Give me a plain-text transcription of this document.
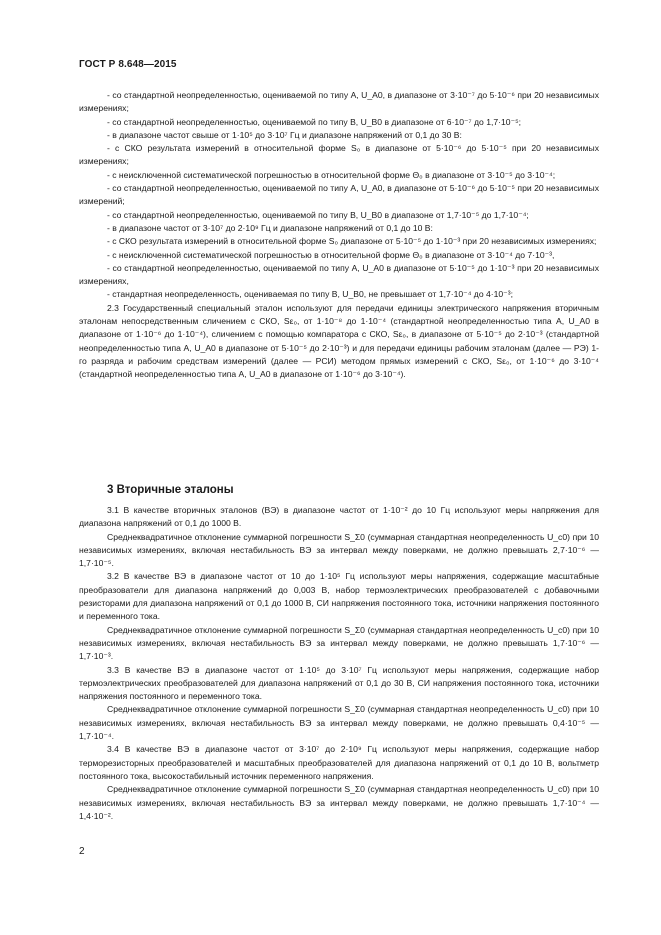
ГОСТ Р 8.648—2015

- со стандартной неопределенностью, оцениваемой по типу A, U_A0, в диапазоне от 3·10⁻⁷ до 5·10⁻⁶ при 20 независимых измерениях;

- со стандартной неопределенностью, оцениваемой по типу B, U_B0 в диапазоне от 6·10⁻⁷ до 1,7·10⁻⁵;

- в диапазоне частот свыше от 1·10⁵ до 3·10⁷ Гц и диапазоне напряжений от 0,1 до 30 В:

- с СКО результата измерений в относительной форме S₀ в диапазоне от 5·10⁻⁶ до 5·10⁻⁵ при 20 независимых измерениях;

- с неисключенной систематической погрешностью в относительной форме Θ₀ в диапазоне от 3·10⁻⁵ до 3·10⁻⁴;

- со стандартной неопределенностью, оцениваемой по типу A, U_A0, в диапазоне от 5·10⁻⁶ до 5·10⁻⁵ при 20 независимых измерений;

- со стандартной неопределенностью, оцениваемой по типу B, U_B0 в диапазоне от 1,7·10⁻⁵ до 1,7·10⁻⁴;

- в диапазоне частот от 3·10⁷ до 2·10⁹ Гц и диапазоне напряжений от 0,1 до 10 В:

- с СКО результата измерений в относительной форме S₀ диапазоне от 5·10⁻⁵ до 1·10⁻³ при 20 независимых измерениях;

- с неисключенной систематической погрешностью в относительной форме Θ₀ в диапазоне от 3·10⁻⁴ до 7·10⁻³,

- со стандартной неопределенностью, оцениваемой по типу A, U_A0 в диапазоне от 5·10⁻⁵ до 1·10⁻³ при 20 независимых измерениях,

- стандартная неопределенность, оцениваемая по типу B, U_B0, не превышает от 1,7·10⁻⁴ до 4·10⁻³;

2.3 Государственный специальный эталон используют для передачи единицы электрического напряжения вторичным эталонам непосредственным сличением с СКО, Sε₀, от 1·10⁻⁸ до 1·10⁻⁴ (стандартной неопределенностью типа A, U_A0 в диапазоне от 1·10⁻⁶ до 1·10⁻⁴), сличением с помощью компаратора с СКО, Sε₀, в диапазоне от 5·10⁻⁵ до 2·10⁻³ (стандартной неопределенностью типа A, U_A0 в диапазоне от 5·10⁻⁵ до 2·10⁻³) и для передачи единицы рабочим эталонам (далее — РЭ) 1-го разряда и рабочим средствам измерений (далее — РСИ) методом прямых измерений с СКО, Sε₀, от 1·10⁻⁶ до 3·10⁻⁴ (стандартной неопределенностью типа A, U_A0 в диапазоне от 1·10⁻⁶ до 3·10⁻⁴).

3 Вторичные эталоны

3.1 В качестве вторичных эталонов (ВЭ) в диапазоне частот от 1·10⁻² до 10 Гц используют меры напряжения для диапазона напряжений от 0,1 до 1000 В.

Среднеквадратичное отклонение суммарной погрешности S_Σ0 (суммарная стандартная неопределенность U_c0) при 10 независимых измерениях, включая нестабильность ВЭ за интервал между поверками, не должно превышать 2,7·10⁻⁶ — 1,7·10⁻⁵.

3.2 В качестве ВЭ в диапазоне частот от 10 до 1·10⁵ Гц используют меры напряжения, содержащие масштабные преобразователи для диапазона напряжений до 0,003 В, набор термоэлектрических преобразователей с добавочными резисторами для диапазона напряжений от 0,1 до 1000 В, СИ напряжения постоянного тока, источники напряжения постоянного и переменного тока.

Среднеквадратичное отклонение суммарной погрешности S_Σ0 (суммарная стандартная неопределенность U_c0) при 10 независимых измерениях, включая нестабильность ВЭ за интервал между поверками, не должно превышать 1,7·10⁻⁶ — 1,7·10⁻³.

3.3 В качестве ВЭ в диапазоне частот от 1·10⁵ до 3·10⁷ Гц используют меры напряжения, содержащие набор термоэлектрических преобразователей для диапазона напряжений от 0,1 до 30 В, СИ напряжения постоянного тока, источники напряжения постоянного и переменного тока.

Среднеквадратичное отклонение суммарной погрешности S_Σ0 (суммарная стандартная неопределенность U_c0) при 10 независимых измерениях, включая нестабильность ВЭ за интервал между поверками, не должно превышать 0,4·10⁻⁵ — 1,7·10⁻⁴.

3.4 В качестве ВЭ в диапазоне частот от 3·10⁷ до 2·10⁹ Гц используют меры напряжения, содержащие набор терморезисторных преобразователей и масштабных преобразователей для диапазона напряжений от 0,1 до 10 В, вольтметр постоянного тока, высокостабильный источник переменного напряжения.

Среднеквадратичное отклонение суммарной погрешности S_Σ0 (суммарная стандартная неопределенность U_c0) при 10 независимых измерениях, включая нестабильность ВЭ за интервал между поверками, не должно превышать 1,7·10⁻⁴ — 1,4·10⁻².

2
